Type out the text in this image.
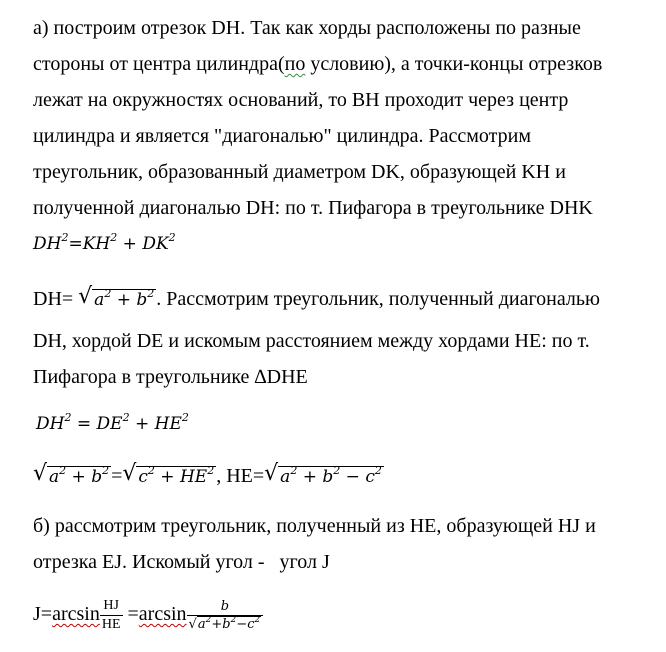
а) построим отрезок DH. Так как хорды расположены по разные
стороны от центра цилиндра(по условию), а точки-концы отрезков
лежат на окружностях оснований, то BH проходит через центр
цилиндра и является "диагональю" цилиндра. Рассмотрим
треугольник, образованный диаметром DK, образующей KH и
полученной диагональю DH: по т. Пифагора в треугольнике DHK
$DH^2=KH^2 + DK^2$
DH= √ $a^2 + b^2$ . Рассмотрим треугольник, полученный диагональю
DH, хордой DE и искомым расстоянием между хордами HE: по т.
Пифагора в треугольнике ∆DHE
$DH^2 = DE^2 + HE^2$
√ $a^2 + b^2$ = √ $c^2 + HE^2$ , HE= √ $a^2 + b^2 - c^2$
б) рассмотрим треугольник, полученный из HE, образующей HJ и
отрезка EJ. Искомый угол -   угол J
$J=\arcsin \frac{HJ}{HE} =\arcsin \frac{b}{√a^2+b^2-c^2}$
